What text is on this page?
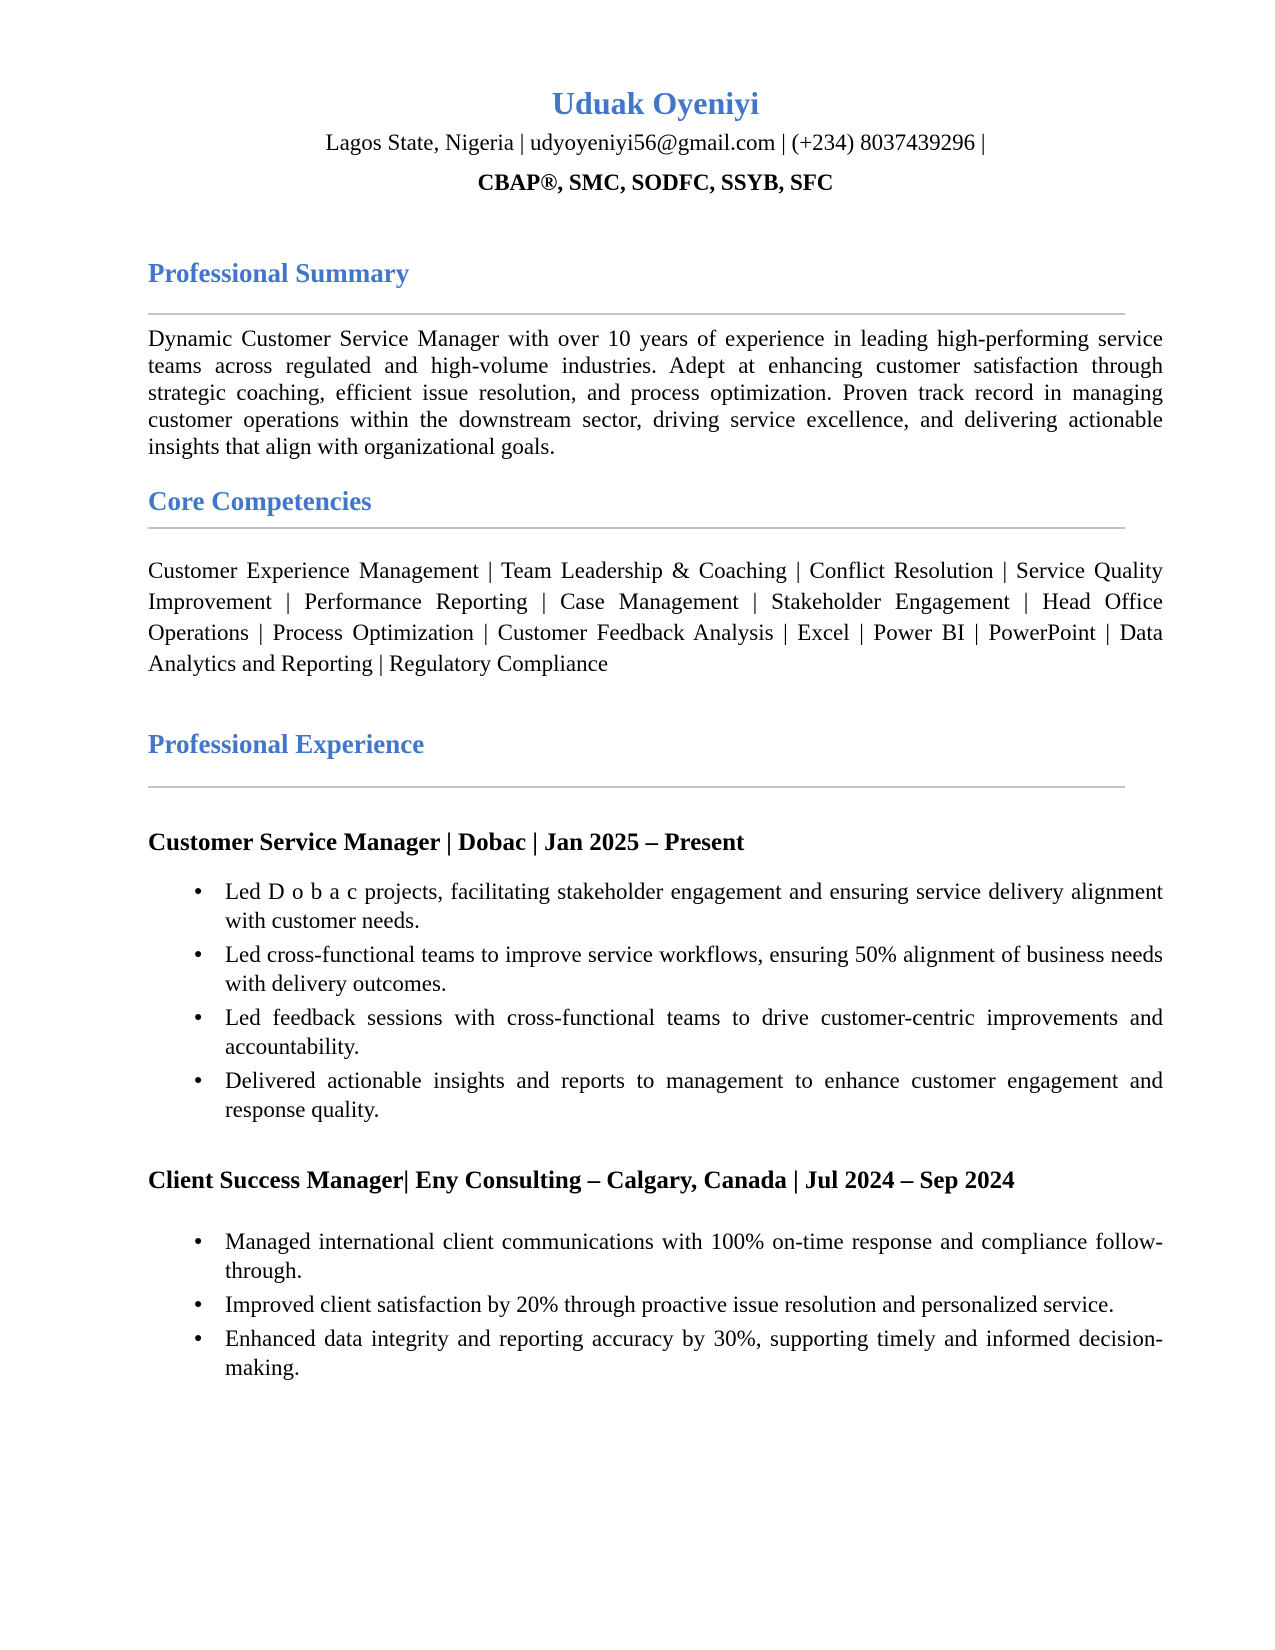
Uduak Oyeniyi

Lagos State, Nigeria | udyoyeniyi56@gmail.com | (+234) 8037439296 |

CBAP®, SMC, SODFC, SSYB, SFC

Professional Summary

Dynamic Customer Service Manager with over 10 years of experience in leading high-performing service teams across regulated and high-volume industries. Adept at enhancing customer satisfaction through strategic coaching, efficient issue resolution, and process optimization. Proven track record in managing customer operations within the downstream sector, driving service excellence, and delivering actionable insights that align with organizational goals.

Core Competencies

Customer Experience Management | Team Leadership & Coaching | Conflict Resolution | Service Quality Improvement | Performance Reporting | Case Management | Stakeholder Engagement | Head Office Operations | Process Optimization | Customer Feedback Analysis | Excel | Power BI | PowerPoint | Data Analytics and Reporting | Regulatory Compliance

Professional Experience
Customer Service Manager | Dobac | Jan 2025 – Present
● Led D o b a c projects, facilitating stakeholder engagement and ensuring service delivery alignment with customer needs.
● Led cross-functional teams to improve service workflows, ensuring 50% alignment of business needs with delivery outcomes.
● Led feedback sessions with cross-functional teams to drive customer-centric improvements and accountability.
● Delivered actionable insights and reports to management to enhance customer engagement and response quality.
Client Success Manager| Eny Consulting – Calgary, Canada | Jul 2024 – Sep 2024
● Managed international client communications with 100% on-time response and compliance follow-through.
● Improved client satisfaction by 20% through proactive issue resolution and personalized service.
● Enhanced data integrity and reporting accuracy by 30%, supporting timely and informed decision-making.
